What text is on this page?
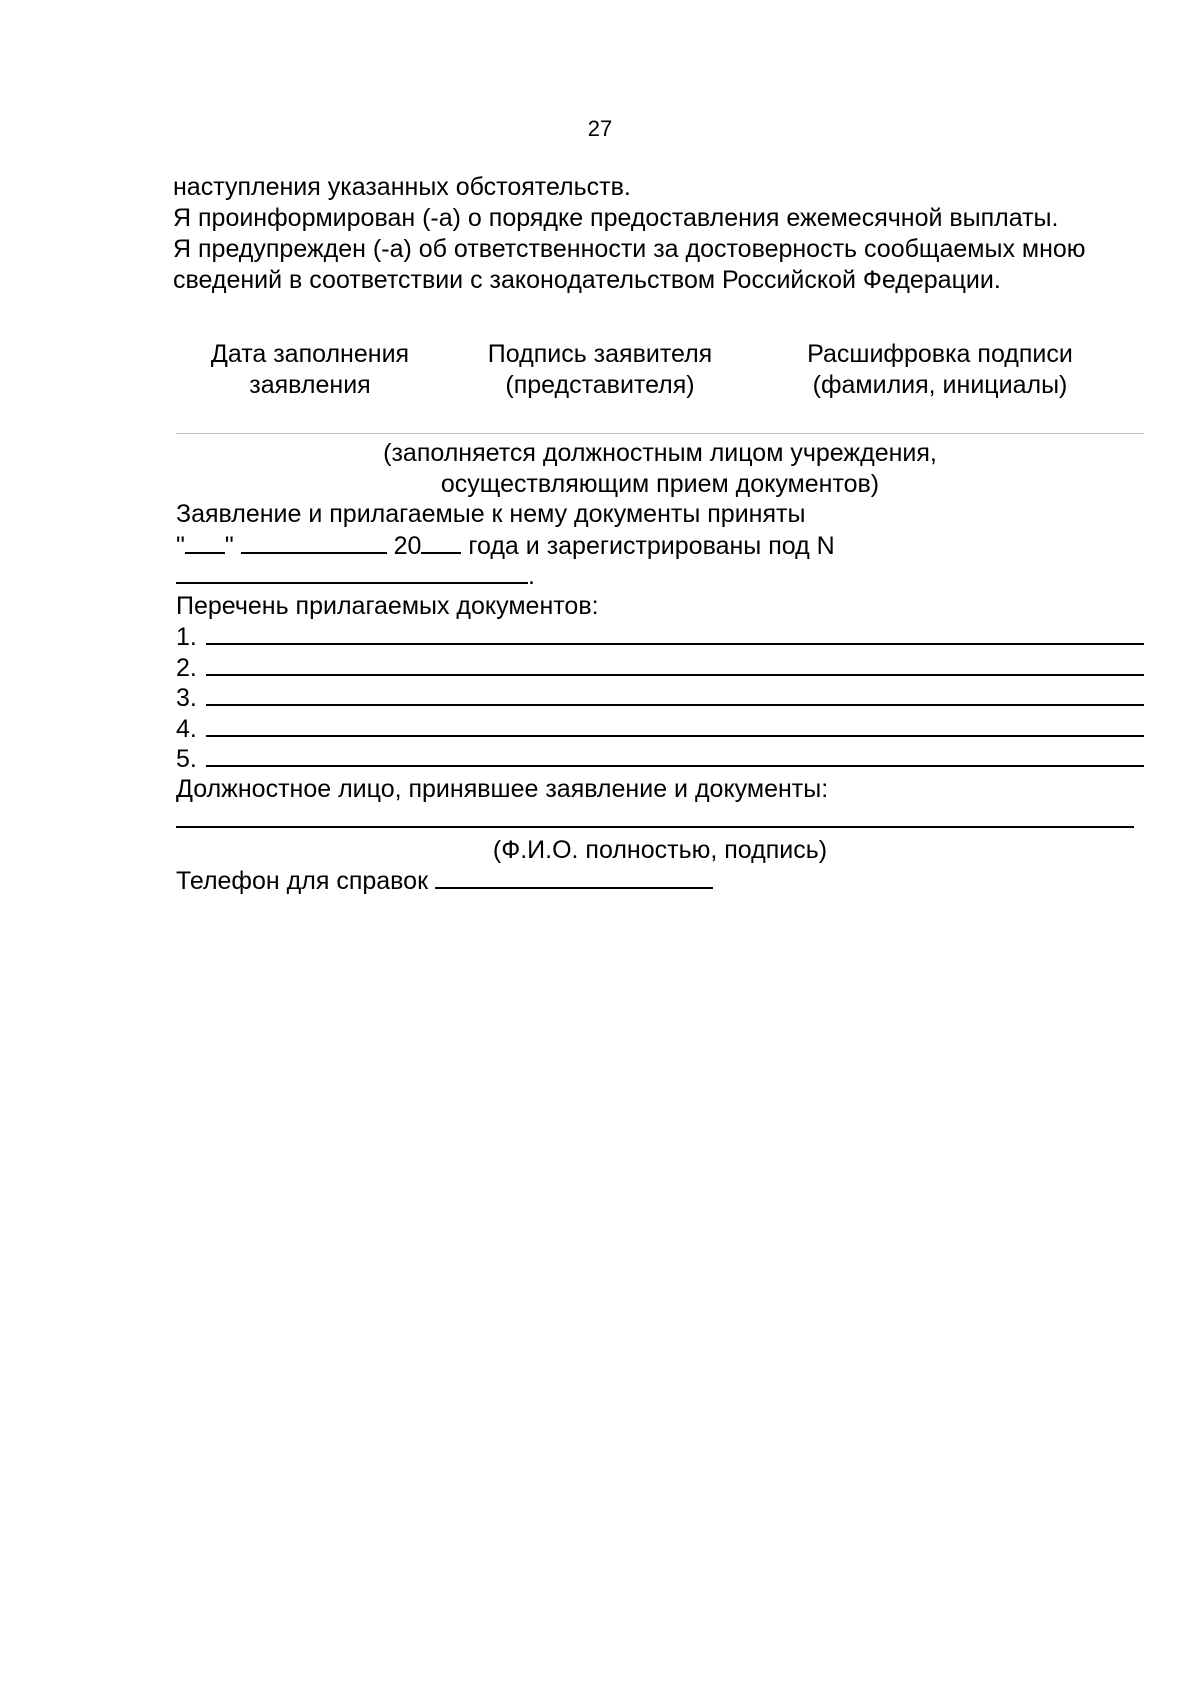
27

наступления указанных обстоятельств.

Я проинформирован (-а) о порядке предоставления ежемесячной выплаты.

Я предупрежден (-а) об ответственности за достоверность сообщаемых мною

сведений в соответствии с законодательством Российской Федерации.

Дата заполнения
заявления
Подпись заявителя
(представителя)
Расшифровка подписи
(фамилия, инициалы)
(заполняется должностным лицом учреждения,
осуществляющим прием документов)
Заявление и прилагаемые к нему документы приняты
" "	20 года и зарегистрированы под N
.
Перечень прилагаемых документов:
1.
2.
3.
4.
5.
Должностное лицо, принявшее заявление и документы:
(Ф.И.О. полностью, подпись)
Телефон для справок
